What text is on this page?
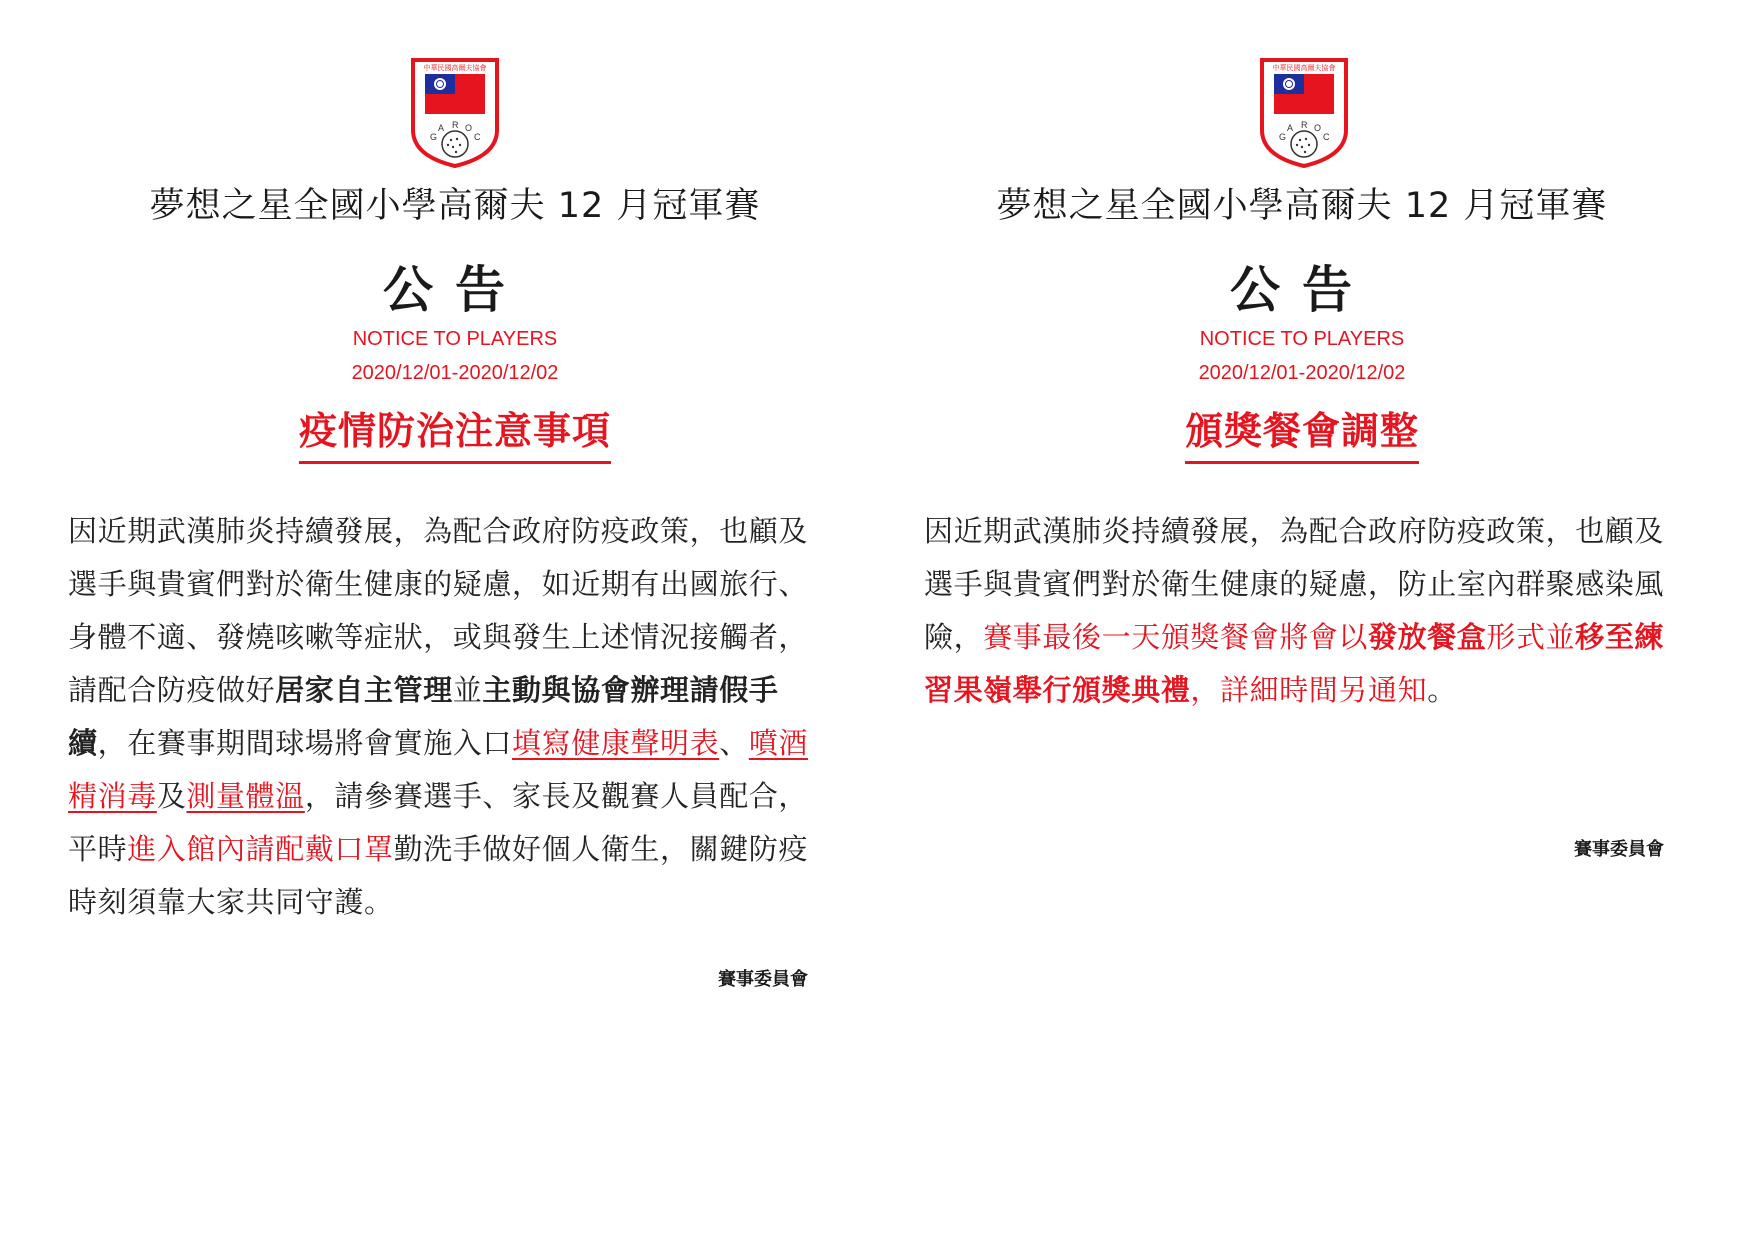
中華民國高爾夫協會
G
A R O
C
夢想之星全國小學高爾夫 12 月冠軍賽
公告
NOTICE TO PLAYERS
2020/12/01-2020/12/02
疫情防治注意事項
因近期武漢肺炎持續發展，為配合政府防疫政策，也顧及選手與貴賓們對於衛生健康的疑慮，如近期有出國旅行、身體不適、發燒咳嗽等症狀，或與發生上述情況接觸者，請配合防疫做好居家自主管理並主動與協會辦理請假手續，在賽事期間球場將會實施入口填寫健康聲明表、噴酒精消毒及測量體溫，請參賽選手、家長及觀賽人員配合，平時進入館內請配戴口罩勤洗手做好個人衛生，關鍵防疫時刻須靠大家共同守護。
賽事委員會
中華民國高爾夫協會
G
A R O
C
夢想之星全國小學高爾夫 12 月冠軍賽
公告
NOTICE TO PLAYERS
2020/12/01-2020/12/02
頒獎餐會調整
因近期武漢肺炎持續發展，為配合政府防疫政策，也顧及選手與貴賓們對於衛生健康的疑慮，防止室內群聚感染風險，賽事最後一天頒獎餐會將會以發放餐盒形式並移至練習果嶺舉行頒獎典禮，詳細時間另通知。
賽事委員會
